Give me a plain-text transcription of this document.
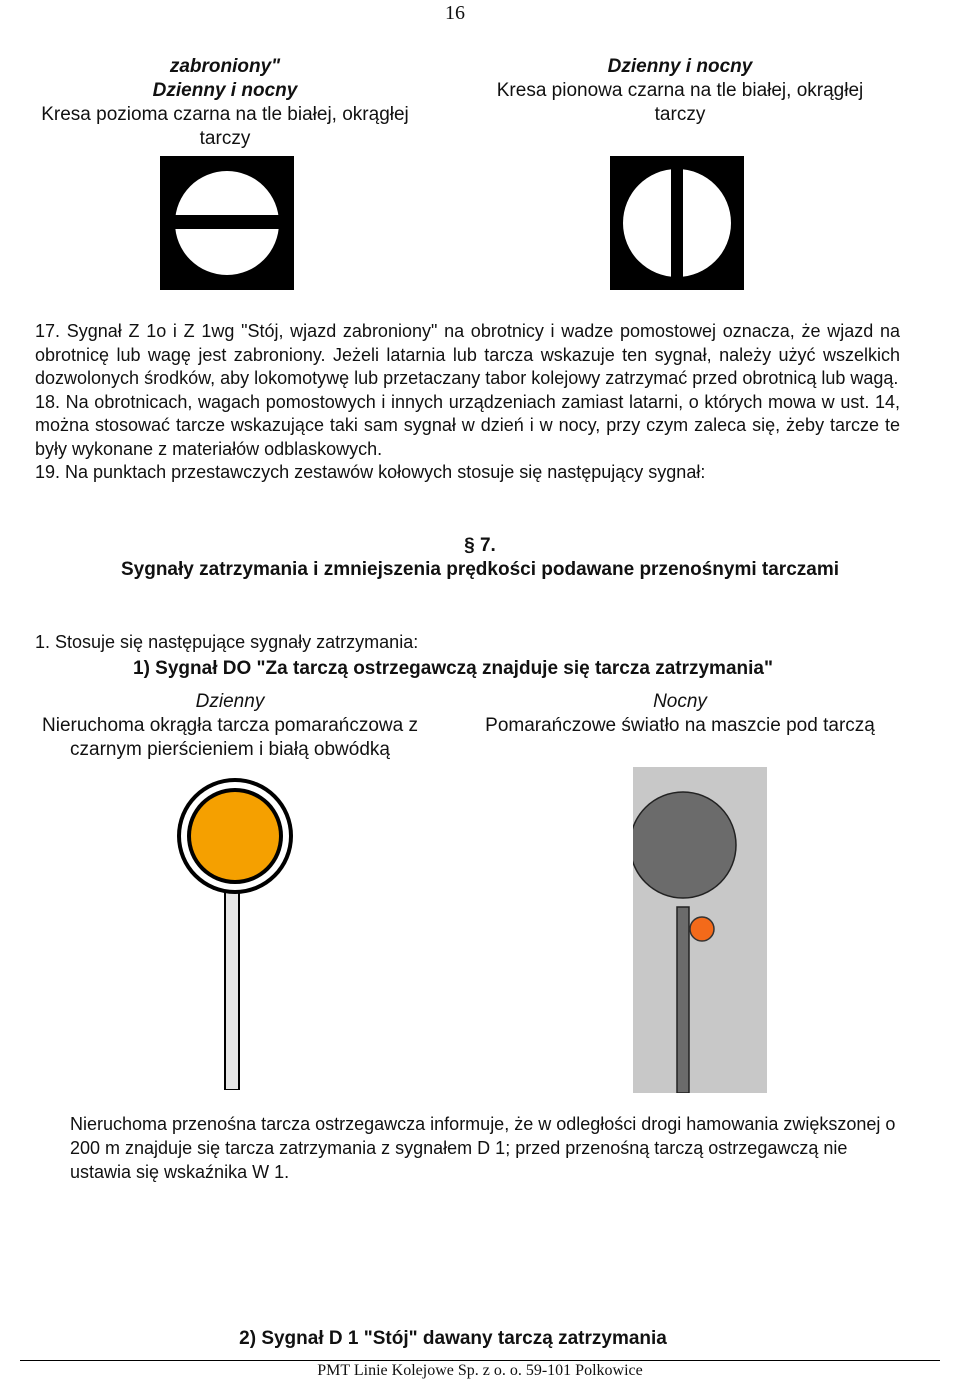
16
zabroniony"
Dzienny i nocny
Kresa pozioma czarna na tle białej, okrągłej tarczy
Dzienny i nocny
Kresa pionowa czarna na tle białej, okrągłej tarczy

17. Sygnał Z 1o i Z 1wg "Stój, wjazd zabroniony" na obrotnicy i wadze pomostowej oznacza, że wjazd na obrotnicę lub wagę jest zabroniony. Jeżeli latarnia lub tarcza wskazuje ten sygnał, należy użyć wszelkich dozwolonych środków, aby lokomotywę lub przetaczany tabor kolejowy zatrzymać przed obrotnicą lub wagą.

18. Na obrotnicach, wagach pomostowych i innych urządzeniach zamiast latarni, o których mowa w ust. 14, można stosować tarcze wskazujące taki sam sygnał w dzień i w nocy, przy czym zaleca się, żeby tarcze te były wykonane z materiałów odblaskowych.

19. Na punktach przestawczych zestawów kołowych stosuje się następujący sygnał:

§ 7.
Sygnały zatrzymania i zmniejszenia prędkości podawane przenośnymi tarczami
1. Stosuje się następujące sygnały zatrzymania:
1) Sygnał DO "Za tarczą ostrzegawczą znajduje się tarcza zatrzymania"
Dzienny
Nieruchoma okrągła tarcza pomarańczowa z czarnym pierścieniem i białą obwódką
Nocny
Pomarańczowe światło na maszcie pod tarczą
Nieruchoma przenośna tarcza ostrzegawcza informuje, że w odległości drogi hamowania zwiększonej o 200 m znajduje się tarcza zatrzymania z sygnałem D 1; przed przenośną tarczą ostrzegawczą nie ustawia się wskaźnika W 1.
2) Sygnał D 1 "Stój" dawany tarczą zatrzymania
PMT Linie Kolejowe Sp. z o. o. 59-101 Polkowice
